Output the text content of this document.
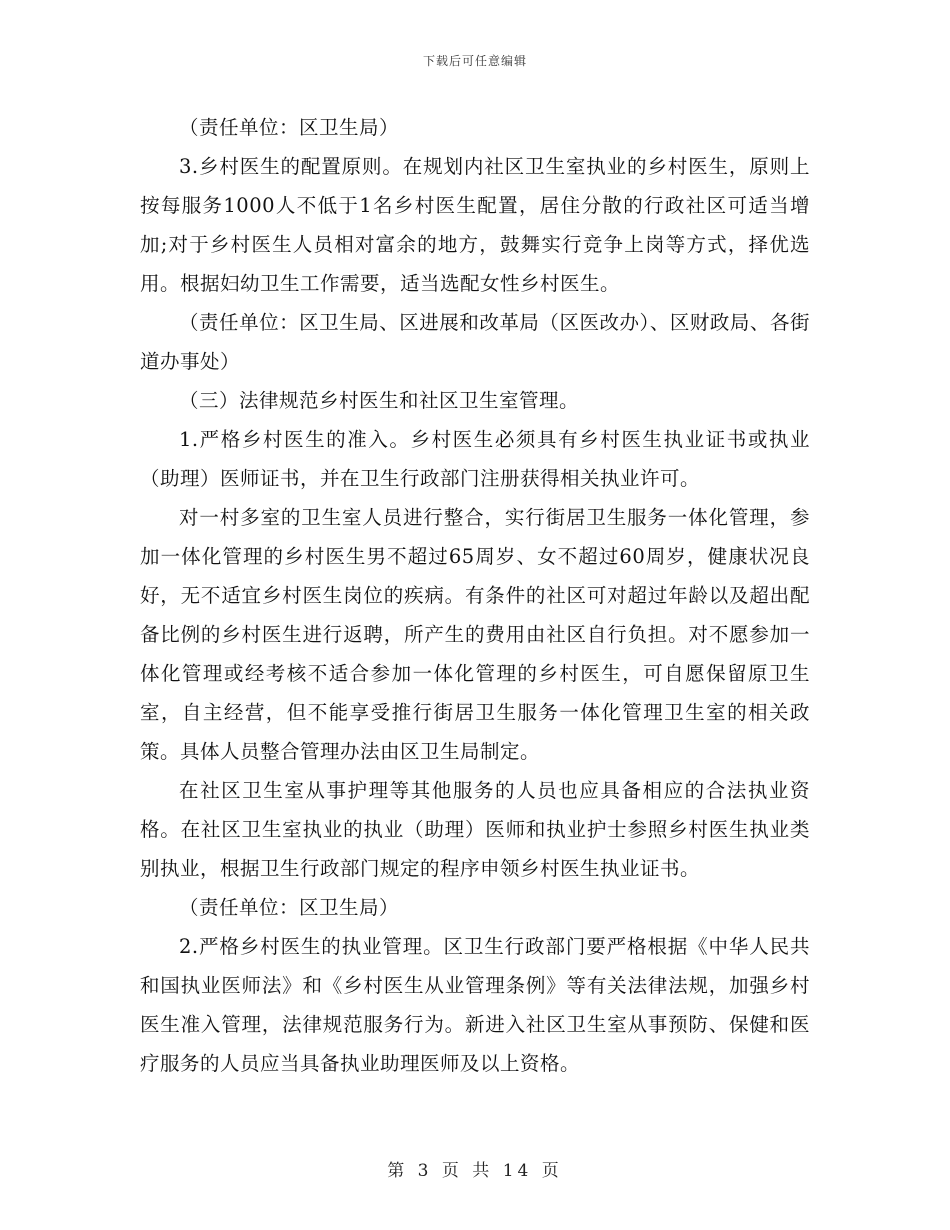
下载后可任意编辑

（责任单位：区卫生局）

3.乡村医生的配置原则。在规划内社区卫生室执业的乡村医生，原则上按每服务1000人不低于1名乡村医生配置，居住分散的行政社区可适当增加;对于乡村医生人员相对富余的地方，鼓舞实行竞争上岗等方式，择优选用。根据妇幼卫生工作需要，适当选配女性乡村医生。

（责任单位：区卫生局、区进展和改革局（区医改办）、区财政局、各街道办事处）

（三）法律规范乡村医生和社区卫生室管理。

1.严格乡村医生的准入。乡村医生必须具有乡村医生执业证书或执业（助理）医师证书，并在卫生行政部门注册获得相关执业许可。

对一村多室的卫生室人员进行整合，实行街居卫生服务一体化管理，参加一体化管理的乡村医生男不超过65周岁、女不超过60周岁，健康状况良好，无不适宜乡村医生岗位的疾病。有条件的社区可对超过年龄以及超出配备比例的乡村医生进行返聘，所产生的费用由社区自行负担。对不愿参加一体化管理或经考核不适合参加一体化管理的乡村医生，可自愿保留原卫生室，自主经营，但不能享受推行街居卫生服务一体化管理卫生室的相关政策。具体人员整合管理办法由区卫生局制定。

在社区卫生室从事护理等其他服务的人员也应具备相应的合法执业资格。在社区卫生室执业的执业（助理）医师和执业护士参照乡村医生执业类别执业，根据卫生行政部门规定的程序申领乡村医生执业证书。

（责任单位：区卫生局）

2.严格乡村医生的执业管理。区卫生行政部门要严格根据《中华人民共和国执业医师法》和《乡村医生从业管理条例》等有关法律法规，加强乡村医生准入管理，法律规范服务行为。新进入社区卫生室从事预防、保健和医疗服务的人员应当具备执业助理医师及以上资格。

第 3 页 共 14 页
